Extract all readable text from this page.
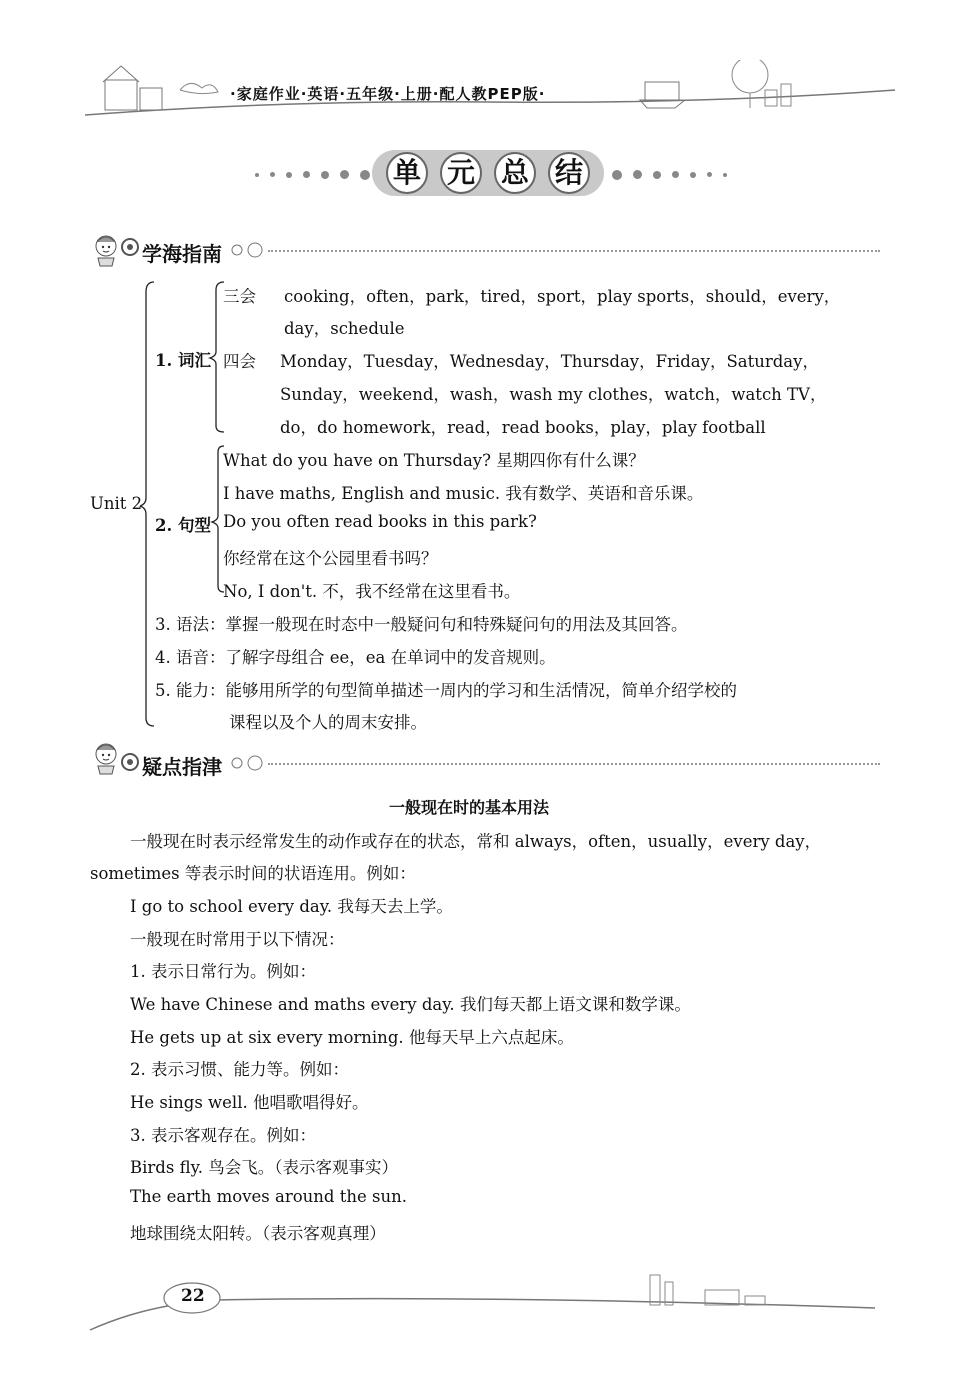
·家庭作业·英语·五年级·上册·配人教PEP版·
单 元 总 结
学海指南
Unit 2
1. 词汇
三会 cooking，often，park，tired，sport，play sports，should，every，
day，schedule
四会 Monday，Tuesday，Wednesday，Thursday，Friday，Saturday，
Sunday，weekend，wash，wash my clothes，watch，watch TV，
do，do homework，read，read books，play，play football
2. 句型
What do you have on Thursday? 星期四你有什么课？
I have maths, English and music. 我有数学、英语和音乐课。
Do you often read books in this park?
你经常在这个公园里看书吗？
No, I don't. 不，我不经常在这里看书。
3. 语法：掌握一般现在时态中一般疑问句和特殊疑问句的用法及其回答。
4. 语音：了解字母组合 ee，ea 在单词中的发音规则。
5. 能力：能够用所学的句型简单描述一周内的学习和生活情况，简单介绍学校的
课程以及个人的周末安排。
疑点指津
一般现在时的基本用法
一般现在时表示经常发生的动作或存在的状态，常和 always，often，usually，every day，
sometimes 等表示时间的状语连用。例如：
I go to school every day. 我每天去上学。
一般现在时常用于以下情况：
1. 表示日常行为。例如：
We have Chinese and maths every day. 我们每天都上语文课和数学课。
He gets up at six every morning. 他每天早上六点起床。
2. 表示习惯、能力等。例如：
He sings well. 他唱歌唱得好。
3. 表示客观存在。例如：
Birds fly. 鸟会飞。（表示客观事实）
The earth moves around the sun.
地球围绕太阳转。（表示客观真理）
22
